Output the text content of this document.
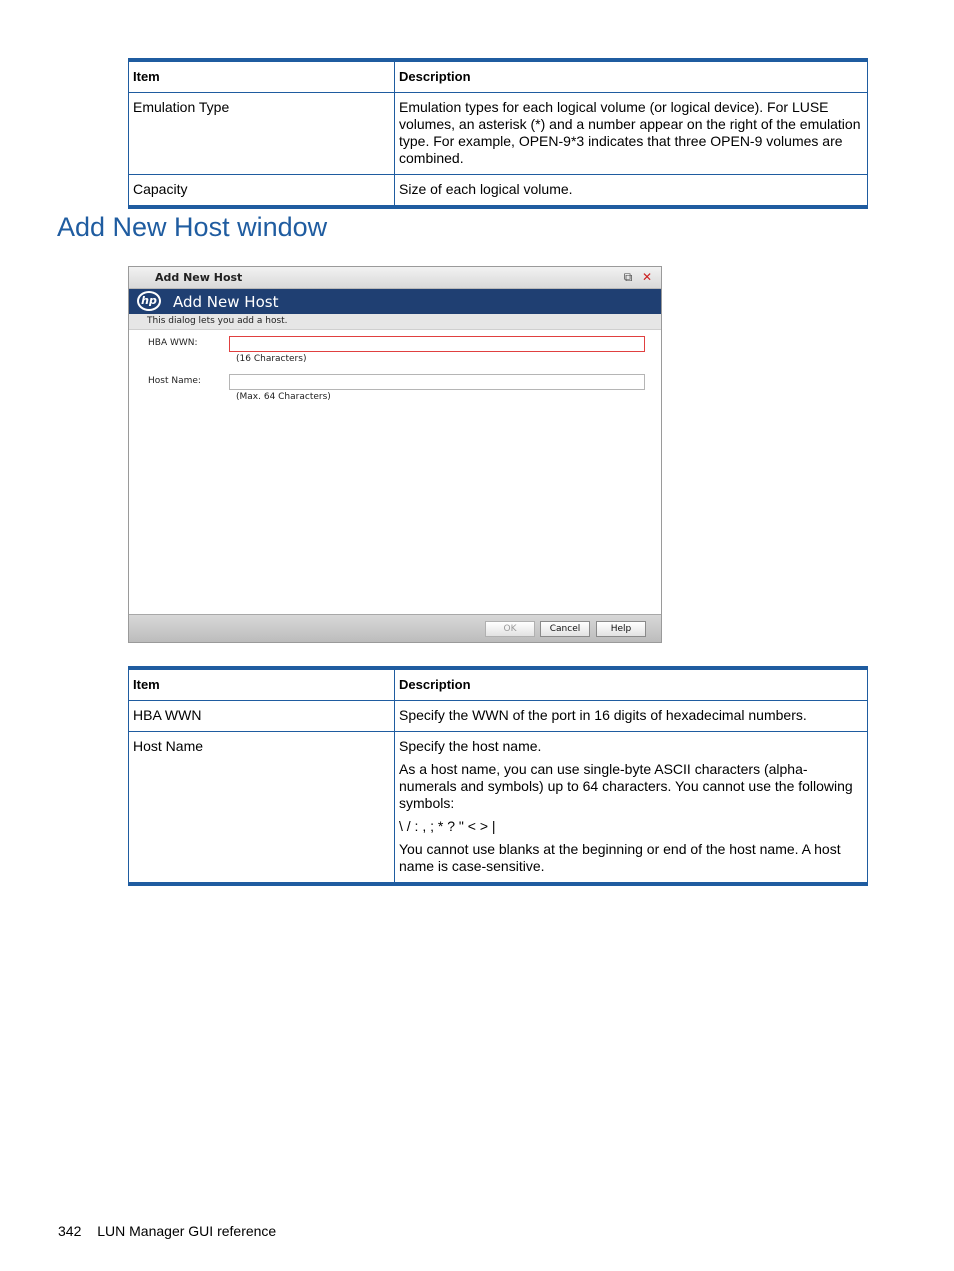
Item	Description
Emulation Type	Emulation types for each logical volume (or logical device). For LUSE volumes, an asterisk (*) and a number appear on the right of the emulation type. For example, OPEN-9*3 indicates that three OPEN-9 volumes are combined.
Capacity	Size of each logical volume.
Add New Host window
Add New Host	⧉ ✕
hp Add New Host
This dialog lets you add a host.
HBA WWN:
(16 Characters)
Host Name:
(Max. 64 Characters)
OK	Cancel	Help
Item	Description
HBA WWN	Specify the WWN of the port in 16 digits of hexadecimal numbers.
Host Name	Specify the host name.

As a host name, you can use single-byte ASCII characters (alpha-numerals and symbols) up to 64 characters. You cannot use the following symbols:

\ / : , ; * ? " < > |

You cannot use blanks at the beginning or end of the host name. A host name is case-sensitive.

342 LUN Manager GUI reference
